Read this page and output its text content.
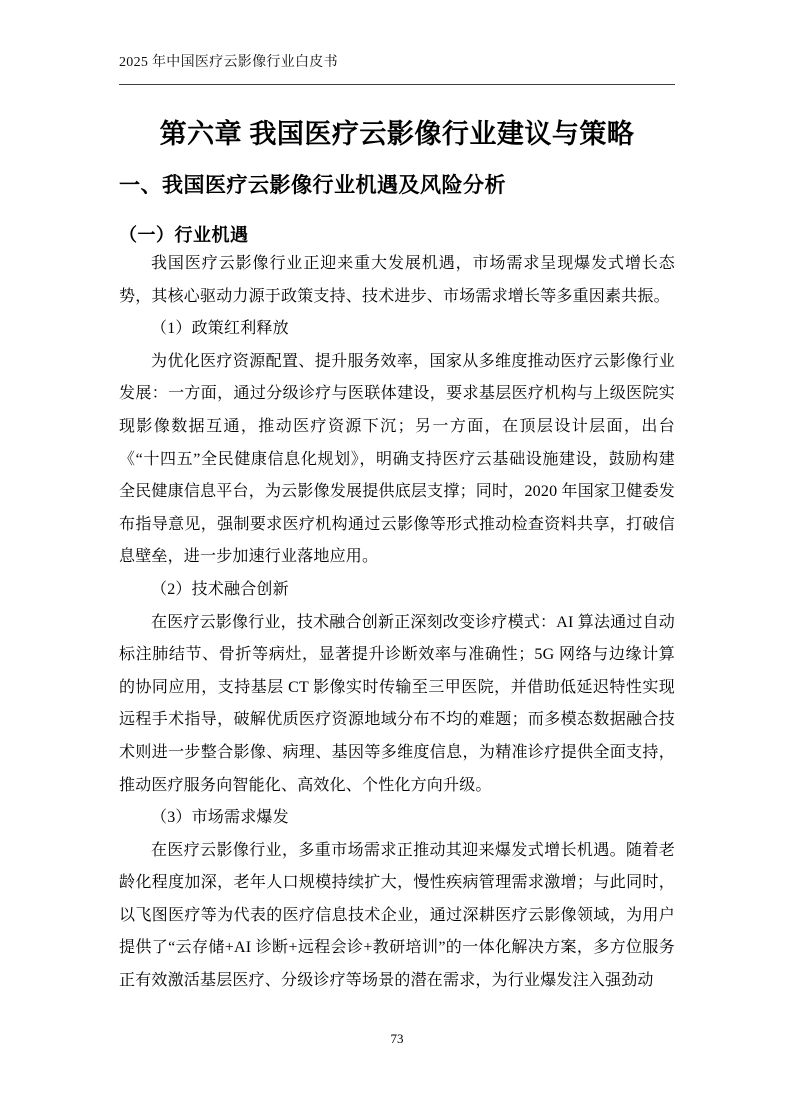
2025 年中国医疗云影像行业白皮书
第六章 我国医疗云影像行业建议与策略
一、我国医疗云影像行业机遇及风险分析
（一）行业机遇

我国医疗云影像行业正迎来重大发展机遇，市场需求呈现爆发式增长态势，其核心驱动力源于政策支持、技术进步、市场需求增长等多重因素共振。

（1）政策红利释放

为优化医疗资源配置、提升服务效率，国家从多维度推动医疗云影像行业发展：一方面，通过分级诊疗与医联体建设，要求基层医疗机构与上级医院实现影像数据互通，推动医疗资源下沉；另一方面，在顶层设计层面，出台《“十四五”全民健康信息化规划》，明确支持医疗云基础设施建设，鼓励构建全民健康信息平台，为云影像发展提供底层支撑；同时，2020 年国家卫健委发布指导意见，强制要求医疗机构通过云影像等形式推动检查资料共享，打破信息壁垒，进一步加速行业落地应用。

（2）技术融合创新

在医疗云影像行业，技术融合创新正深刻改变诊疗模式：AI 算法通过自动标注肺结节、骨折等病灶，显著提升诊断效率与准确性；5G 网络与边缘计算的协同应用，支持基层 CT 影像实时传输至三甲医院，并借助低延迟特性实现远程手术指导，破解优质医疗资源地域分布不均的难题；而多模态数据融合技术则进一步整合影像、病理、基因等多维度信息，为精准诊疗提供全面支持，推动医疗服务向智能化、高效化、个性化方向升级。

（3）市场需求爆发

在医疗云影像行业，多重市场需求正推动其迎来爆发式增长机遇。随着老龄化程度加深，老年人口规模持续扩大，慢性疾病管理需求激增；与此同时，以飞图医疗等为代表的医疗信息技术企业，通过深耕医疗云影像领域，为用户提供了“云存储+AI 诊断+远程会诊+教研培训”的一体化解决方案，多方位服务正有效激活基层医疗、分级诊疗等场景的潜在需求，为行业爆发注入强劲动

73
